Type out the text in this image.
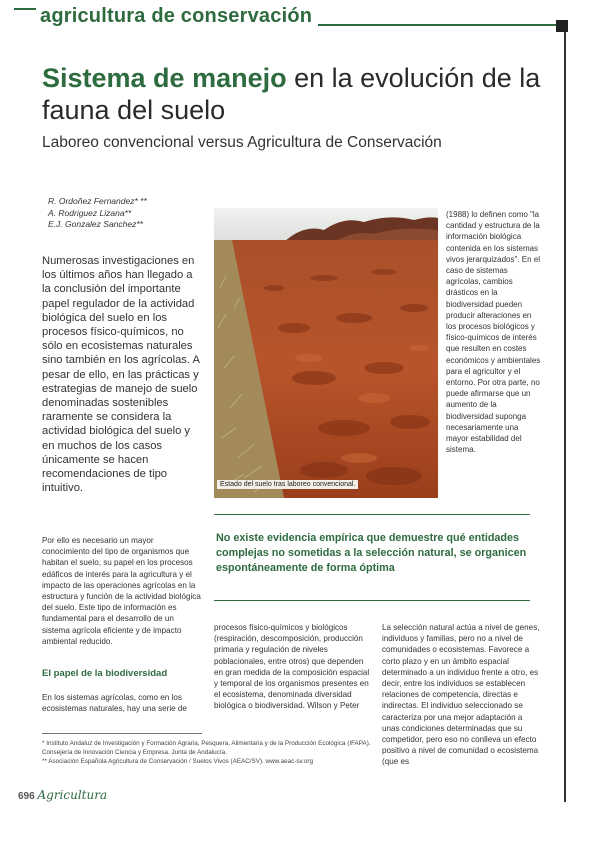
agricultura de conservación
Sistema de manejo en la evolución de la fauna del suelo
Laboreo convencional versus Agricultura de Conservación
R. Ordoñez Fernandez* **
A. Rodriguez Lizana**
E.J. Gonzalez Sanchez**

Numerosas investigaciones en los últimos años han llegado a la conclusión del importante papel regulador de la actividad biológica del suelo en los procesos físico-químicos, no sólo en ecosistemas naturales sino también en los agrícolas. A pesar de ello, en las prácticas y estrategias de manejo de suelo denominadas sostenibles raramente se considera la actividad biológica del suelo y en muchos de los casos únicamente se hacen recomendaciones de tipo intuitivo.	Estado del suelo tras laboreo convencional.

(1988) lo definen como "la cantidad y estructura de la información biológica contenida en los sistemas vivos jerarquizados". En el caso de sistemas agrícolas, cambios drásticos en la biodiversidad pueden producir alteraciones en los procesos biológicos y físico-químicos de interés que resulten en costes económicos y ambientales para el agricultor y el entorno. Por otra parte, no puede afirmarse que un aumento de la biodiversidad suponga necesariamente una mayor estabilidad del sistema.

No existe evidencia empírica que demuestre qué entidades complejas no sometidas a la selección natural, se organicen espontáneamente de forma óptima

Por ello es necesario un mayor conocimiento del tipo de organismos que habitan el suelo, su papel en los procesos edáficos de interés para la agricultura y el impacto de las operaciones agrícolas en la estructura y función de la actividad biológica del suelo. Este tipo de información es fundamental para el desarrollo de un sistema agrícola eficiente y de impacto ambiental reducido.

El papel de la biodiversidad

En los sistemas agrícolas, como en los ecosistemas naturales, hay una serie de

procesos físico-químicos y biológicos (respiración, descomposición, producción primaria y regulación de niveles poblacionales, entre otros) que dependen en gran medida de la composición espacial y temporal de los organismos presentes en el ecosistema, denominada diversidad biológica o biodiversidad. Wilson y Peter

La selección natural actúa a nivel de genes, individuos y familias, pero no a nivel de comunidades o ecosistemas. Favorece a corto plazo y en un ámbito espacial determinado a un individuo frente a otro, es decir, entre los individuos se establecen relaciones de competencia, directas e indirectas. El individuo seleccionado se caracteriza por una mejor adaptación a unas condiciones determinadas que su competidor, pero eso no conlleva un efecto positivo a nivel de comunidad o ecosistema (que es

* Instituto Andaluz de Investigación y Formación Agraria, Pesquera, Alimentaria y de la Producción Ecológica (IFAPA). Consejería de Innovación Ciencia y Empresa. Junta de Andalucía.
** Asociación Española Agricultura de Conservación / Suelos Vivos (AEAC/SV). www.aeac-sv.org
696 Agricultura
